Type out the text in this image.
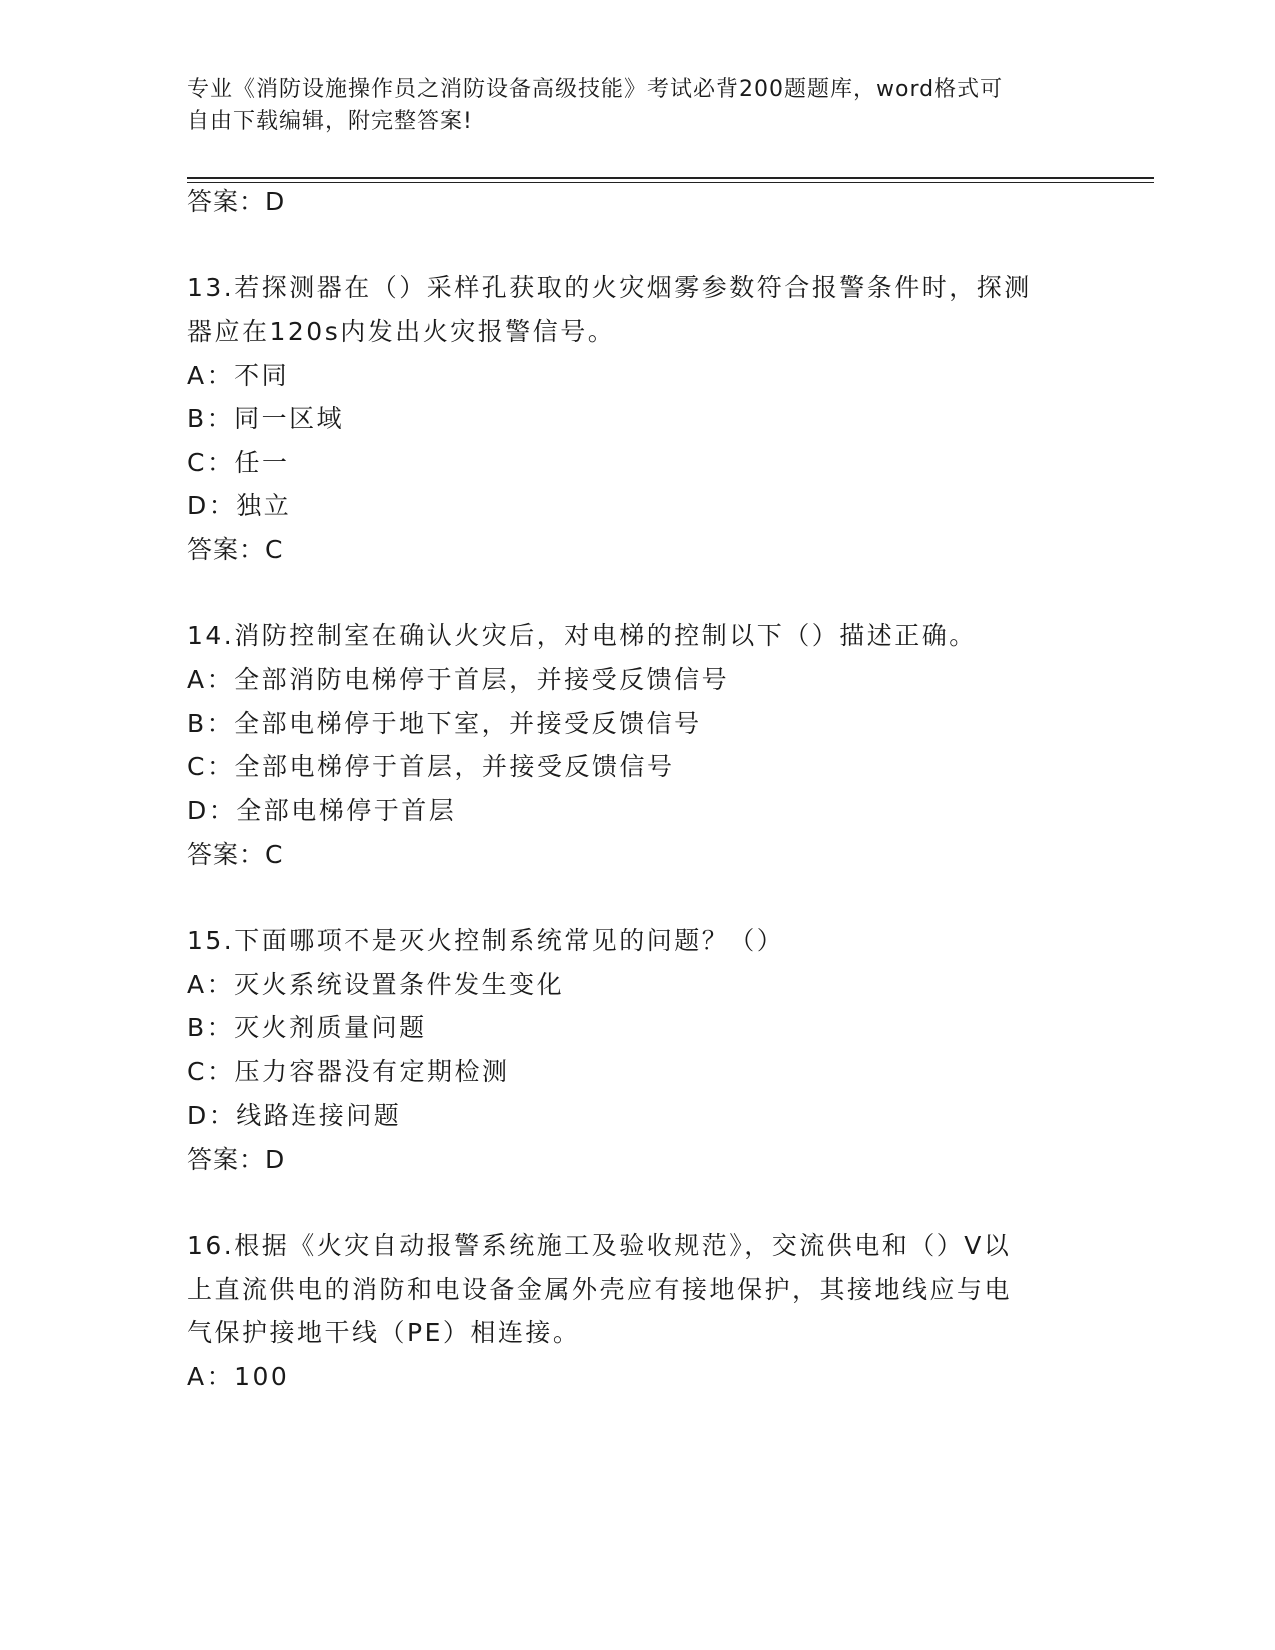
专业《消防设施操作员之消防设备高级技能》考试必背200题题库，word格式可
自由下载编辑，附完整答案!
答案：D
13.若探测器在（）采样孔获取的火灾烟雾参数符合报警条件时，探测
器应在120s内发出火灾报警信号。
A：不同
B：同一区域
C：任一
D：独立
答案：C
14.消防控制室在确认火灾后，对电梯的控制以下（）描述正确。
A：全部消防电梯停于首层，并接受反馈信号
B：全部电梯停于地下室，并接受反馈信号
C：全部电梯停于首层，并接受反馈信号
D：全部电梯停于首层
答案：C
15.下面哪项不是灭火控制系统常见的问题？（）
A：灭火系统设置条件发生变化
B：灭火剂质量问题
C：压力容器没有定期检测
D：线路连接问题
答案：D
16.根据《火灾自动报警系统施工及验收规范》，交流供电和（）V以
上直流供电的消防和电设备金属外壳应有接地保护，其接地线应与电
气保护接地干线（PE）相连接。
A：100
